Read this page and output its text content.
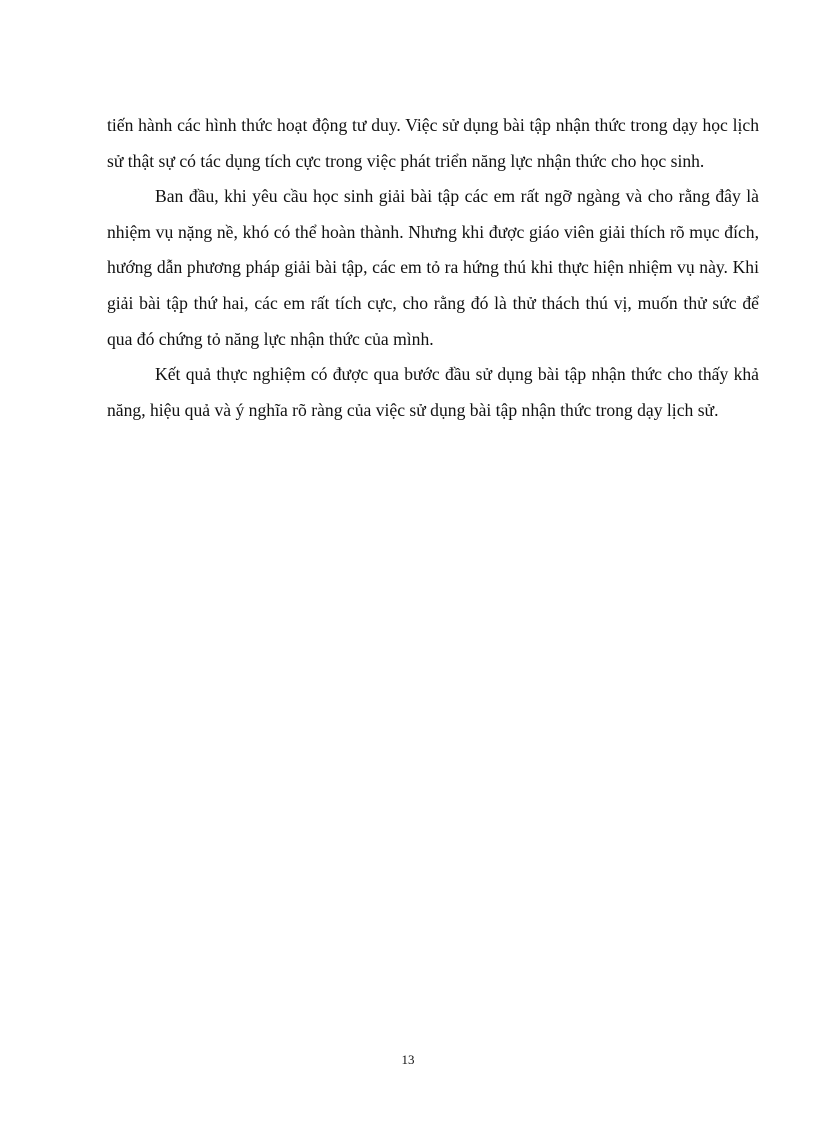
tiến hành các hình thức hoạt động tư duy. Việc sử dụng bài tập nhận thức trong dạy học lịch sử thật sự có tác dụng tích cực trong việc phát triển năng lực nhận thức cho học sinh.

Ban đầu, khi yêu cầu học sinh giải bài tập các em rất ngỡ ngàng và cho rằng đây là nhiệm vụ nặng nề, khó có thể hoàn thành. Nhưng khi được giáo viên giải thích rõ mục đích, hướng dẫn phương pháp giải bài tập, các em tỏ ra hứng thú khi thực hiện nhiệm vụ này. Khi giải bài tập thứ hai, các em rất tích cực, cho rằng đó là thử thách thú vị, muốn thử sức để qua đó chứng tỏ năng lực nhận thức của mình.

Kết quả thực nghiệm có được qua bước đầu sử dụng bài tập nhận thức cho thấy khả năng, hiệu quả và ý nghĩa rõ ràng của việc sử dụng bài tập nhận thức trong dạy lịch sử.

13
